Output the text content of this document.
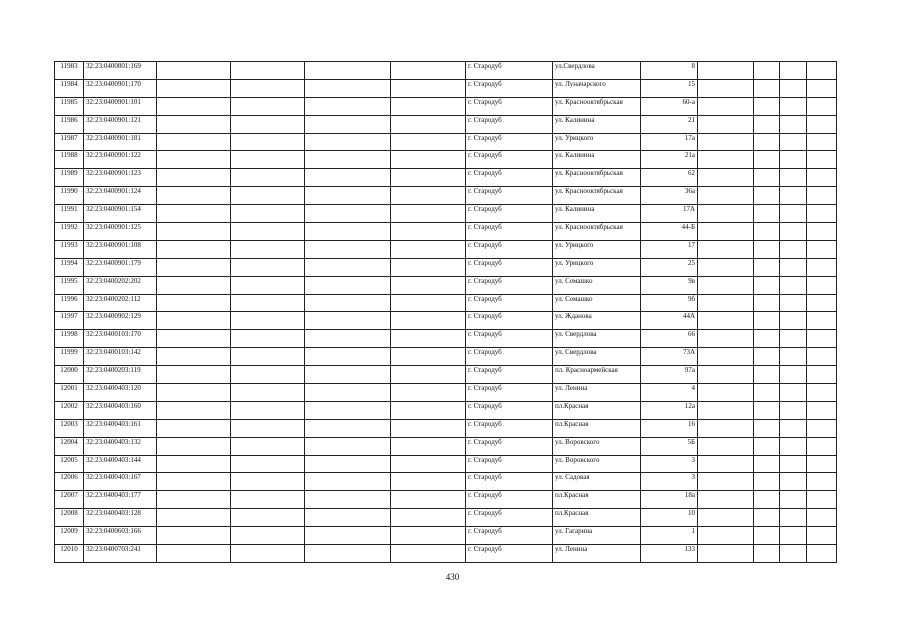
11983	32:23:0400801:169					г. Стародуб	ул.Свердлова	8				
11984	32:23:0400901:170					г. Стародуб	ул. Луначарского	15				
11985	32:23:0400901:101					г. Стародуб	ул. Краснооктябрьская	60-а				
11986	32:23:0400901:121					г. Стародуб	ул. Калинина	21				
11987	32:23:0400901:181					г. Стародуб	ул. Урицкого	17а				
11988	32:23:0400901:122					г. Стародуб	ул. Калинина	21а				
11989	32:23:0400901:123					г. Стародуб	ул. Краснооктябрьская	62				
11990	32:23:0400901:124					г. Стародуб	ул. Краснооктябрьская	36а				
11991	32:23:0400901:154					г. Стародуб	ул. Калинина	17А				
11992	32:23:0400901:125					г. Стародуб	ул. Краснооктябрьская	44-Б				
11993	32:23:0400901:108					г. Стародуб	ул. Урицкого	17				
11994	32:23:0400901:179					г. Стародуб	ул. Урицкого	25				
11995	32:23:0400202:202					г. Стародуб	ул. Семашко	9в				
11996	32:23:0400202:112					г. Стародуб	ул. Семашко	9б				
11997	32:23:0400902:129					г. Стародуб	ул. Жданова	44А				
11998	32:23:0400103:170					г. Стародуб	ул. Свердлова	66				
11999	32:23:0400103:142					г. Стародуб	ул. Свердлова	73А				
12000	32:23:0400203:119					г. Стародуб	пл. Красноармейская	97а				
12001	32:23:0400403:120					г. Стародуб	ул. Ленина	4				
12002	32:23:0400403:160					г. Стародуб	пл.Красная	12а				
12003	32:23:0400403:161					г. Стародуб	пл.Красная	16				
12004	32:23:0400403:132					г. Стародуб	ул. Воровского	5Б				
12005	32:23:0400403:144					г. Стародуб	ул. Воровского	3				
12006	32:23:0400403:167					г. Стародуб	ул. Садовая	3				
12007	32:23:0400403:177					г. Стародуб	пл.Красная	18а				
12008	32:23:0400403:128					г. Стародуб	пл.Красная	10				
12009	32:23:0400603:166					г. Стародуб	ул. Гагарина	1				
12010	32:23:0400703:241					г. Стародуб	ул. Ленина	133				
430
